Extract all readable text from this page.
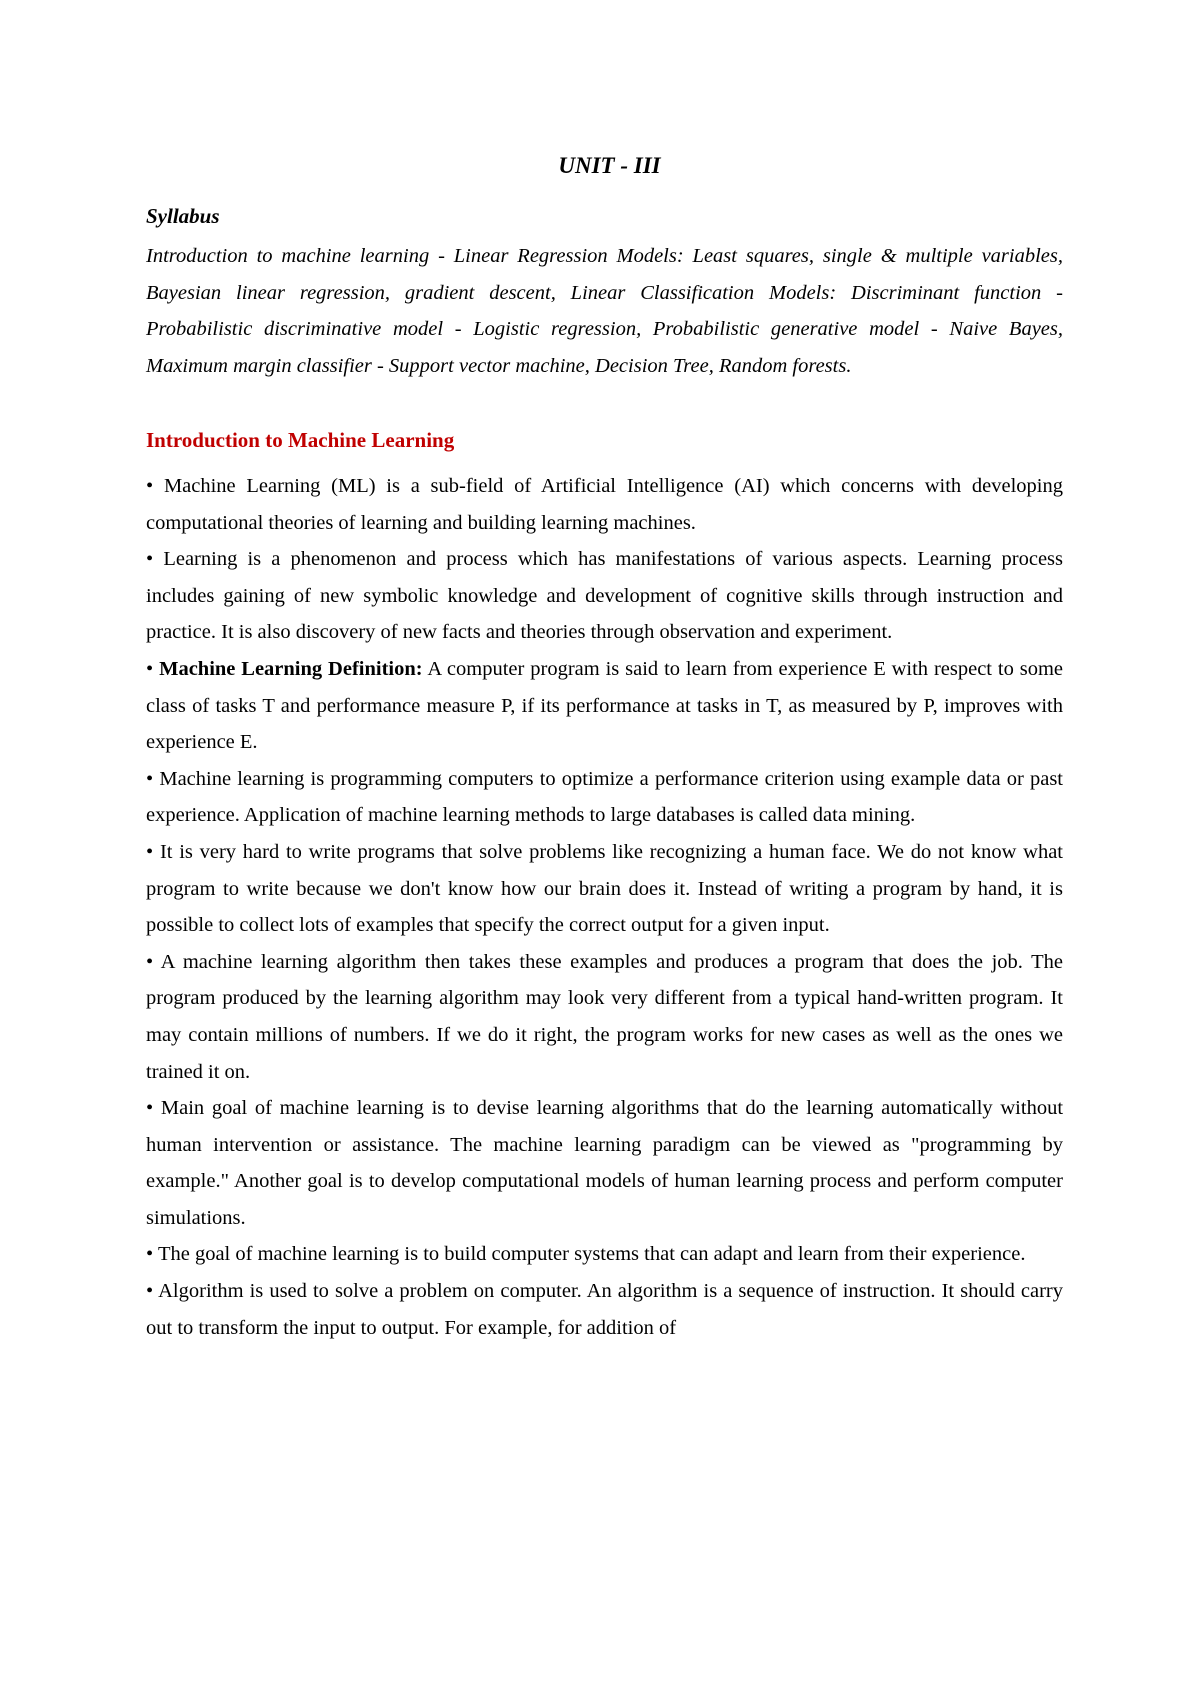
UNIT - III
Syllabus

Introduction to machine learning - Linear Regression Models: Least squares, single & multiple variables, Bayesian linear regression, gradient descent, Linear Classification Models: Discriminant function - Probabilistic discriminative model - Logistic regression, Probabilistic generative model - Naive Bayes, Maximum margin classifier - Support vector machine, Decision Tree, Random forests.

Introduction to Machine Learning
• Machine Learning (ML) is a sub-field of Artificial Intelligence (AI) which concerns with developing computational theories of learning and building learning machines.
• Learning is a phenomenon and process which has manifestations of various aspects. Learning process includes gaining of new symbolic knowledge and development of cognitive skills through instruction and practice. It is also discovery of new facts and theories through observation and experiment.
• Machine Learning Definition: A computer program is said to learn from experience E with respect to some class of tasks T and performance measure P, if its performance at tasks in T, as measured by P, improves with experience E.
• Machine learning is programming computers to optimize a performance criterion using example data or past experience. Application of machine learning methods to large databases is called data mining.
• It is very hard to write programs that solve problems like recognizing a human face. We do not know what program to write because we don't know how our brain does it. Instead of writing a program by hand, it is possible to collect lots of examples that specify the correct output for a given input.
• A machine learning algorithm then takes these examples and produces a program that does the job. The program produced by the learning algorithm may look very different from a typical hand-written program. It may contain millions of numbers. If we do it right, the program works for new cases as well as the ones we trained it on.
• Main goal of machine learning is to devise learning algorithms that do the learning automatically without human intervention or assistance. The machine learning paradigm can be viewed as "programming by example." Another goal is to develop computational models of human learning process and perform computer simulations.
• The goal of machine learning is to build computer systems that can adapt and learn from their experience.
• Algorithm is used to solve a problem on computer. An algorithm is a sequence of instruction. It should carry out to transform the input to output. For example, for addition of
